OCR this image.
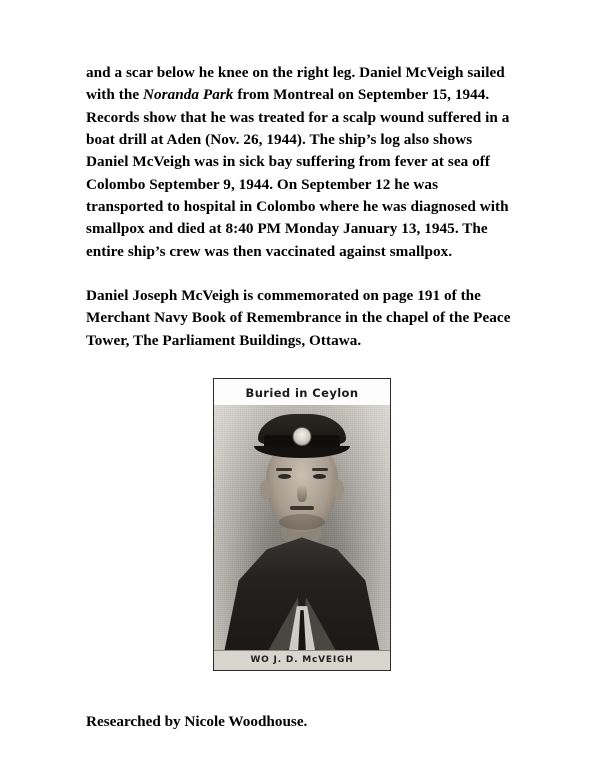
and a scar below he knee on the right leg. Daniel McVeigh sailed with the Noranda Park from Montreal on September 15, 1944. Records show that he was treated for a scalp wound suffered in a boat drill at Aden (Nov. 26, 1944). The ship’s log also shows Daniel McVeigh was in sick bay suffering from fever at sea off Colombo September 9, 1944. On September 12 he was transported to hospital in Colombo where he was diagnosed with smallpox and died at 8:40 PM Monday January 13, 1945. The entire ship’s crew was then vaccinated against smallpox.

Daniel Joseph McVeigh is commemorated on page 191 of the Merchant Navy Book of Remembrance in the chapel of the Peace Tower, The Parliament Buildings, Ottawa.

Buried in Ceylon
WO J. D. McVEIGH

Researched by Nicole Woodhouse.
